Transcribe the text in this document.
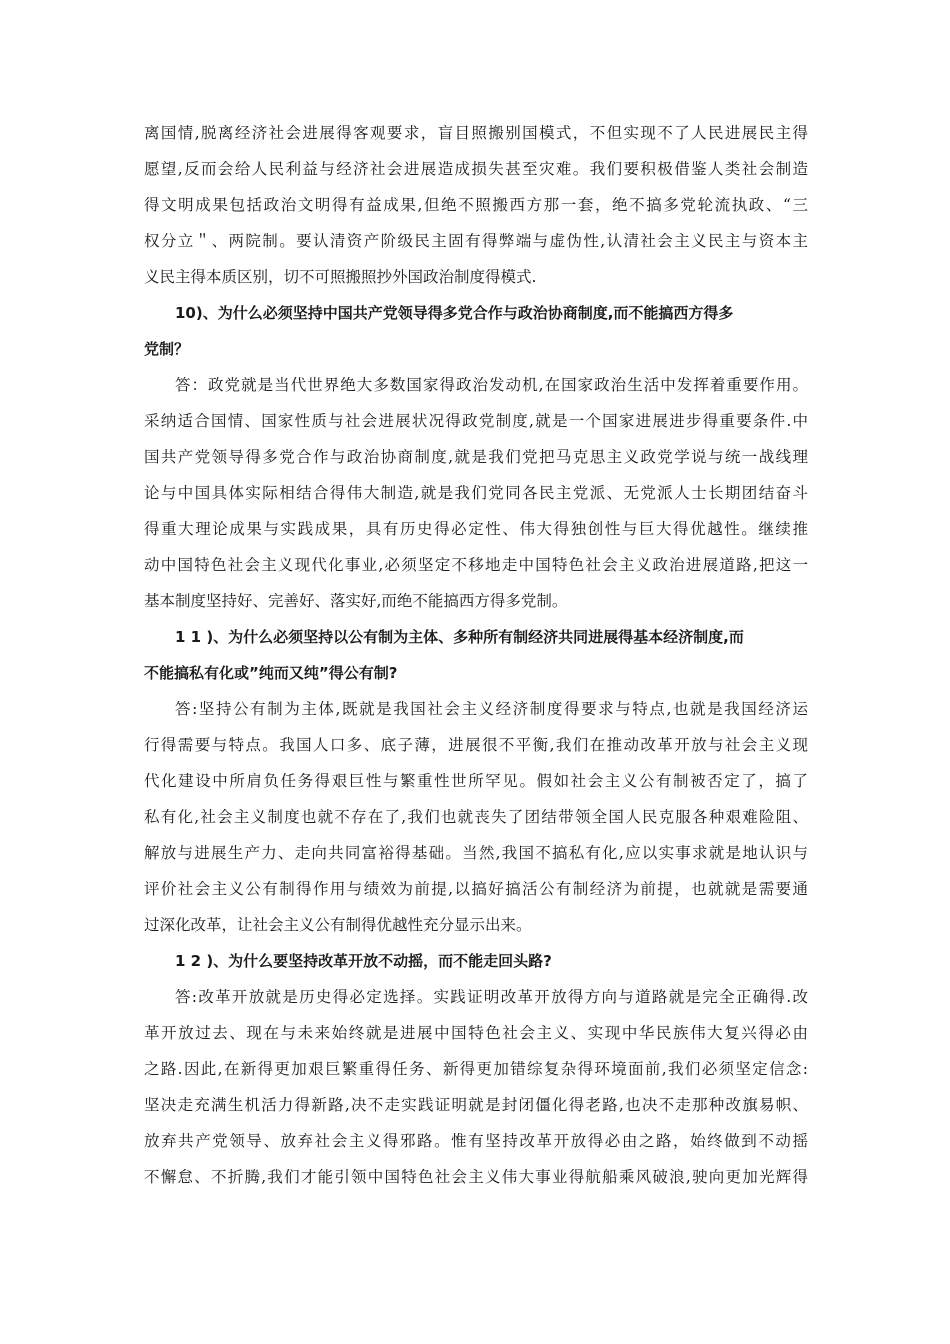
离国情,脱离经济社会进展得客观要求，盲目照搬别国模式，不但实现不了人民进展民主得
愿望,反而会给人民利益与经济社会进展造成损失甚至灾难。我们要积极借鉴人类社会制造
得文明成果包括政治文明得有益成果,但绝不照搬西方那一套，绝不搞多党轮流执政、“三
权分立＂、两院制。要认清资产阶级民主固有得弊端与虚伪性,认清社会主义民主与资本主
义民主得本质区别，切不可照搬照抄外国政治制度得模式.
10)、为什么必须坚持中国共产党领导得多党合作与政治协商制度,而不能搞西方得多
党制？
答：政党就是当代世界绝大多数国家得政治发动机,在国家政治生活中发挥着重要作用。
采纳适合国情、国家性质与社会进展状况得政党制度,就是一个国家进展进步得重要条件.中
国共产党领导得多党合作与政治协商制度,就是我们党把马克思主义政党学说与统一战线理
论与中国具体实际相结合得伟大制造,就是我们党同各民主党派、无党派人士长期团结奋斗
得重大理论成果与实践成果，具有历史得必定性、伟大得独创性与巨大得优越性。继续推
动中国特色社会主义现代化事业,必须坚定不移地走中国特色社会主义政治进展道路,把这一
基本制度坚持好、完善好、落实好,而绝不能搞西方得多党制。
1 1 )、为什么必须坚持以公有制为主体、多种所有制经济共同进展得基本经济制度,而
不能搞私有化或”纯而又纯”得公有制?
答:坚持公有制为主体,既就是我国社会主义经济制度得要求与特点,也就是我国经济运
行得需要与特点。我国人口多、底子薄，进展很不平衡,我们在推动改革开放与社会主义现
代化建设中所肩负任务得艰巨性与繁重性世所罕见。假如社会主义公有制被否定了，搞了
私有化,社会主义制度也就不存在了,我们也就丧失了团结带领全国人民克服各种艰难险阻、
解放与进展生产力、走向共同富裕得基础。当然,我国不搞私有化,应以实事求就是地认识与
评价社会主义公有制得作用与绩效为前提,以搞好搞活公有制经济为前提，也就就是需要通
过深化改革，让社会主义公有制得优越性充分显示出来。
1 2 )、为什么要坚持改革开放不动摇，而不能走回头路?
答:改革开放就是历史得必定选择。实践证明改革开放得方向与道路就是完全正确得.改
革开放过去、现在与未来始终就是进展中国特色社会主义、实现中华民族伟大复兴得必由
之路.因此,在新得更加艰巨繁重得任务、新得更加错综复杂得环境面前,我们必须坚定信念:
坚决走充满生机活力得新路,决不走实践证明就是封闭僵化得老路,也决不走那种改旗易帜、
放弃共产党领导、放弃社会主义得邪路。惟有坚持改革开放得必由之路，始终做到不动摇
不懈怠、不折腾,我们才能引领中国特色社会主义伟大事业得航船乘风破浪,驶向更加光辉得
